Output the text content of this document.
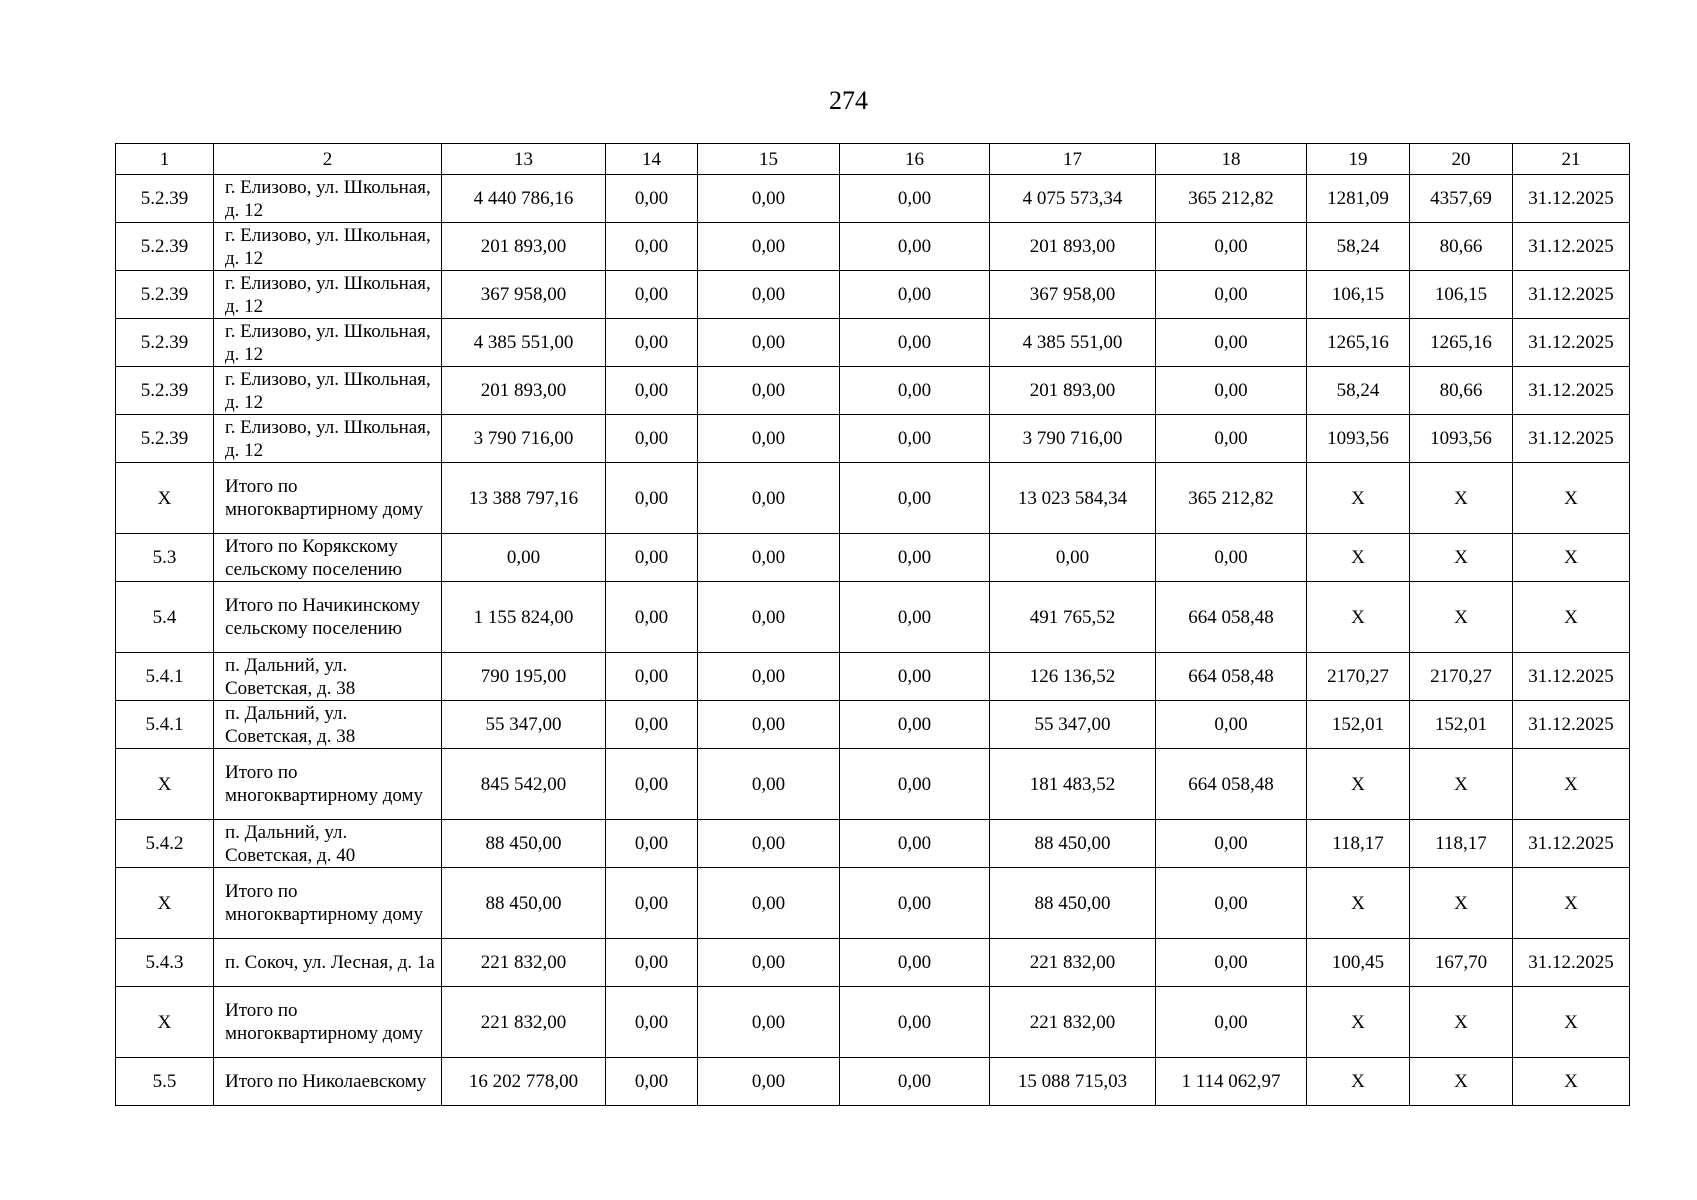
274
1	2	13	14	15	16	17	18	19	20	21
5.2.39	г. Елизово, ул. Школьная, д. 12	4 440 786,16	0,00	0,00	0,00	4 075 573,34	365 212,82	1281,09	4357,69	31.12.2025
5.2.39	г. Елизово, ул. Школьная, д. 12	201 893,00	0,00	0,00	0,00	201 893,00	0,00	58,24	80,66	31.12.2025
5.2.39	г. Елизово, ул. Школьная, д. 12	367 958,00	0,00	0,00	0,00	367 958,00	0,00	106,15	106,15	31.12.2025
5.2.39	г. Елизово, ул. Школьная, д. 12	4 385 551,00	0,00	0,00	0,00	4 385 551,00	0,00	1265,16	1265,16	31.12.2025
5.2.39	г. Елизово, ул. Школьная, д. 12	201 893,00	0,00	0,00	0,00	201 893,00	0,00	58,24	80,66	31.12.2025
5.2.39	г. Елизово, ул. Школьная, д. 12	3 790 716,00	0,00	0,00	0,00	3 790 716,00	0,00	1093,56	1093,56	31.12.2025
X	Итого по многоквартирному дому	13 388 797,16	0,00	0,00	0,00	13 023 584,34	365 212,82	X	X	X
5.3	Итого по Корякскому сельскому поселению	0,00	0,00	0,00	0,00	0,00	0,00	X	X	X
5.4	Итого по Начикинскому сельскому поселению	1 155 824,00	0,00	0,00	0,00	491 765,52	664 058,48	X	X	X
5.4.1	п. Дальний, ул. Советская, д. 38	790 195,00	0,00	0,00	0,00	126 136,52	664 058,48	2170,27	2170,27	31.12.2025
5.4.1	п. Дальний, ул. Советская, д. 38	55 347,00	0,00	0,00	0,00	55 347,00	0,00	152,01	152,01	31.12.2025
X	Итого по многоквартирному дому	845 542,00	0,00	0,00	0,00	181 483,52	664 058,48	X	X	X
5.4.2	п. Дальний, ул. Советская, д. 40	88 450,00	0,00	0,00	0,00	88 450,00	0,00	118,17	118,17	31.12.2025
X	Итого по многоквартирному дому	88 450,00	0,00	0,00	0,00	88 450,00	0,00	X	X	X
5.4.3	п. Сокоч, ул. Лесная, д. 1а	221 832,00	0,00	0,00	0,00	221 832,00	0,00	100,45	167,70	31.12.2025
X	Итого по многоквартирному дому	221 832,00	0,00	0,00	0,00	221 832,00	0,00	X	X	X
5.5	Итого по Николаевскому	16 202 778,00	0,00	0,00	0,00	15 088 715,03	1 114 062,97	X	X	X
